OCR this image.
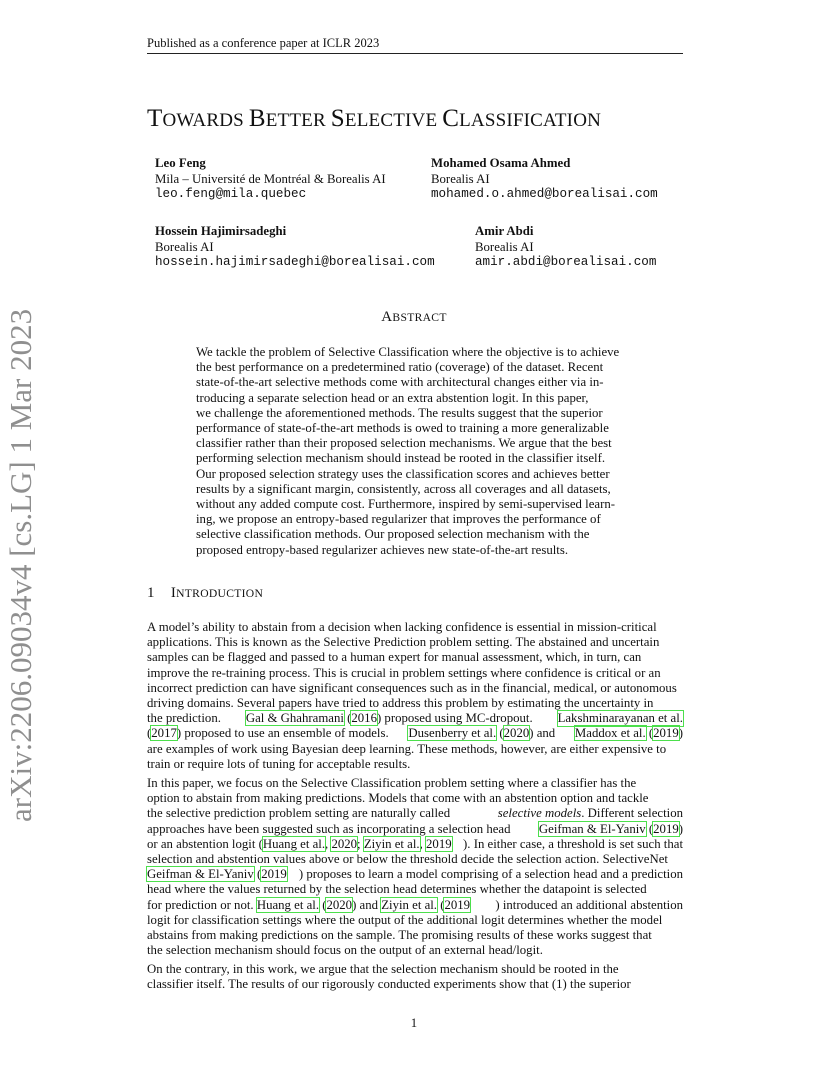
Published as a conference paper at ICLR 2023
TOWARDS BETTER SELECTIVE CLASSIFICATION
Leo Feng
Mila – Université de Montréal & Borealis AI
leo.feng@mila.quebec
Mohamed Osama Ahmed
Borealis AI
mohamed.o.ahmed@borealisai.com
Hossein Hajimirsadeghi
Borealis AI
hossein.hajimirsadeghi@borealisai.com
Amir Abdi
Borealis AI
amir.abdi@borealisai.com
arXiv:2206.09034v4 [cs.LG] 1 Mar 2023	ABSTRACT
We tackle the problem of Selective Classification where the objective is to achieve
the best performance on a predetermined ratio (coverage) of the dataset. Recent
state-of-the-art selective methods come with architectural changes either via in-
troducing a separate selection head or an extra abstention logit. In this paper,
we challenge the aforementioned methods. The results suggest that the superior
performance of state-of-the-art methods is owed to training a more generalizable
classifier rather than their proposed selection mechanisms. We argue that the best
performing selection mechanism should instead be rooted in the classifier itself.
Our proposed selection strategy uses the classification scores and achieves better
results by a significant margin, consistently, across all coverages and all datasets,
without any added compute cost. Furthermore, inspired by semi-supervised learn-
ing, we propose an entropy-based regularizer that improves the performance of
selective classification methods. Our proposed selection mechanism with the
proposed entropy-based regularizer achieves new state-of-the-art results.
1 INTRODUCTION
A model’s ability to abstain from a decision when lacking confidence is essential in mission-critical
applications. This is known as the Selective Prediction problem setting. The abstained and uncertain
samples can be flagged and passed to a human expert for manual assessment, which, in turn, can
improve the re-training process. This is crucial in problem settings where confidence is critical or an
incorrect prediction can have significant consequences such as in the financial, medical, or autonomous
driving domains. Several papers have tried to address this problem by estimating the uncertainty in
the prediction. Gal & Ghahramani (2016) proposed using MC-dropout. Lakshminarayanan et al.
(2017) proposed to use an ensemble of models. Dusenberry et al. (2020) and Maddox et al. (2019)
are examples of work using Bayesian deep learning. These methods, however, are either expensive to
train or require lots of tuning for acceptable results.
In this paper, we focus on the Selective Classification problem setting where a classifier has the
option to abstain from making predictions. Models that come with an abstention option and tackle
the selective prediction problem setting are naturally called	selective models. Different selection
approaches have been suggested such as incorporating a selection head Geifman & El-Yaniv (2019)
or an abstention logit (Huang et al., 2020; Ziyin et al., 2019 ). In either case, a threshold is set such that
selection and abstention values above or below the threshold decide the selection action. SelectiveNet
Geifman & El-Yaniv (2019 ) proposes to learn a model comprising of a selection head and a prediction
head where the values returned by the selection head determines whether the datapoint is selected
for prediction or not. Huang et al. (2020) and Ziyin et al. (2019 ) introduced an additional abstention
logit for classification settings where the output of the additional logit determines whether the model
abstains from making predictions on the sample. The promising results of these works suggest that
the selection mechanism should focus on the output of an external head/logit.
On the contrary, in this work, we argue that the selection mechanism should be rooted in the
classifier itself. The results of our rigorously conducted experiments show that (1) the superior
1
